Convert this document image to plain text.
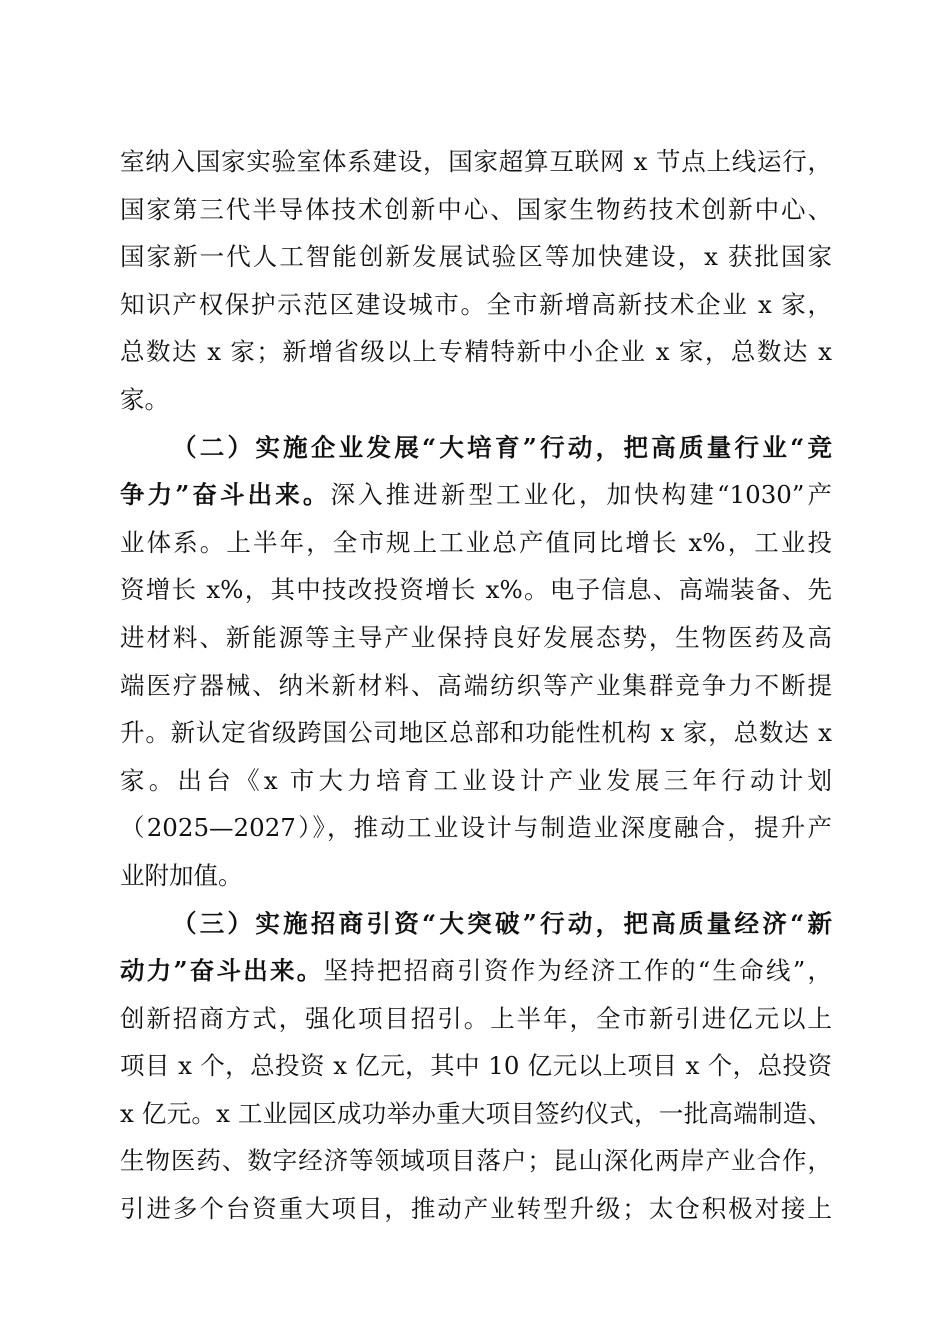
室纳入国家实验室体系建设，国家超算互联网 x 节点上线运行，
国家第三代半导体技术创新中心、国家生物药技术创新中心、
国家新一代人工智能创新发展试验区等加快建设，x 获批国家
知识产权保护示范区建设城市。全市新增高新技术企业 x 家，
总数达 x 家；新增省级以上专精特新中小企业 x 家，总数达 x
家。
（二）实施企业发展“大培育”行动，把高质量行业“竞
争力”奋斗出来。深入推进新型工业化，加快构建“1030”产
业体系。上半年，全市规上工业总产值同比增长 x%，工业投
资增长 x%，其中技改投资增长 x%。电子信息、高端装备、先
进材料、新能源等主导产业保持良好发展态势，生物医药及高
端医疗器械、纳米新材料、高端纺织等产业集群竞争力不断提
升。新认定省级跨国公司地区总部和功能性机构 x 家，总数达 x
家。出台《x 市大力培育工业设计产业发展三年行动计划
（2025—2027）》，推动工业设计与制造业深度融合，提升产
业附加值。
（三）实施招商引资“大突破”行动，把高质量经济“新
动力”奋斗出来。坚持把招商引资作为经济工作的“生命线”，
创新招商方式，强化项目招引。上半年，全市新引进亿元以上
项目 x 个，总投资 x 亿元，其中 10 亿元以上项目 x 个，总投资
x 亿元。x 工业园区成功举办重大项目签约仪式，一批高端制造、
生物医药、数字经济等领域项目落户；昆山深化两岸产业合作，
引进多个台资重大项目，推动产业转型升级；太仓积极对接上
